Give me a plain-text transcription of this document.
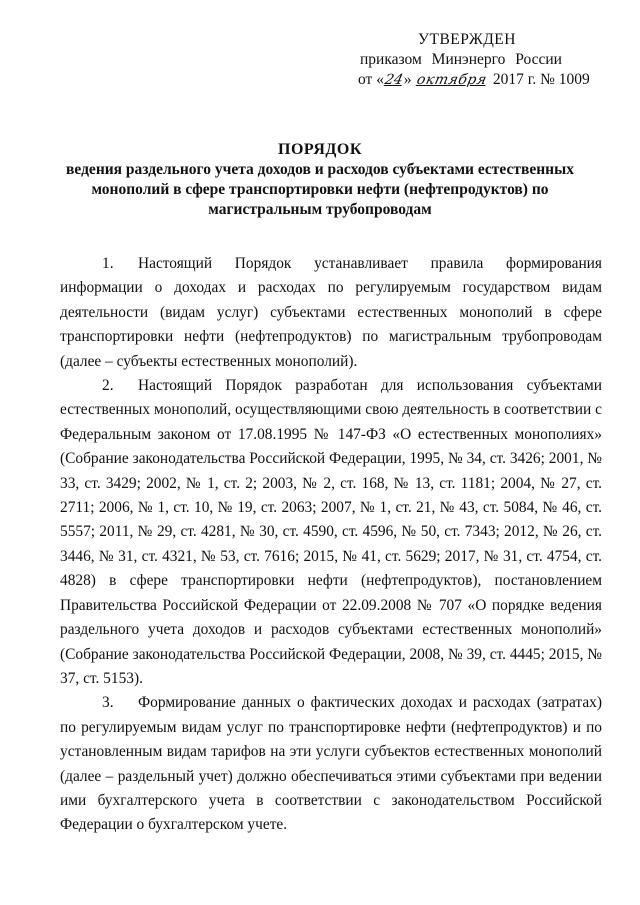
УТВЕРЖДЕН
приказом Минэнерго России
от «24» октября 2017 г. № 1009
ПОРЯДОК
ведения раздельного учета доходов и расходов субъектами естественных
монополий в сфере транспортировки нефти (нефтепродуктов) по
магистральным трубопроводам

1. Настоящий Порядок устанавливает правила формирования информации о доходах и расходах по регулируемым государством видам деятельности (видам услуг) субъектами естественных монополий в сфере транспортировки нефти (нефтепродуктов) по магистральным трубопроводам (далее – субъекты естественных монополий).

2. Настоящий Порядок разработан для использования субъектами естественных монополий, осуществляющими свою деятельность в соответствии с Федеральным законом от 17.08.1995 № 147-ФЗ «О естественных монополиях» (Собрание законодательства Российской Федерации, 1995, № 34, ст. 3426; 2001, № 33, ст. 3429; 2002, № 1, ст. 2; 2003, № 2, ст. 168, № 13, ст. 1181; 2004, № 27, ст. 2711; 2006, № 1, ст. 10, № 19, ст. 2063; 2007, № 1, ст. 21, № 43, ст. 5084, № 46, ст. 5557; 2011, № 29, ст. 4281, № 30, ст. 4590, ст. 4596, № 50, ст. 7343; 2012, № 26, ст. 3446, № 31, ст. 4321, № 53, ст. 7616; 2015, № 41, ст. 5629; 2017, № 31, ст. 4754, ст. 4828) в сфере транспортировки нефти (нефтепродуктов), постановлением Правительства Российской Федерации от 22.09.2008 № 707 «О порядке ведения раздельного учета доходов и расходов субъектами естественных монополий» (Собрание законодательства Российской Федерации, 2008, № 39, ст. 4445; 2015, № 37, ст. 5153).

3. Формирование данных о фактических доходах и расходах (затратах) по регулируемым видам услуг по транспортировке нефти (нефтепродуктов) и по установленным видам тарифов на эти услуги субъектов естественных монополий (далее – раздельный учет) должно обеспечиваться этими субъектами при ведении ими бухгалтерского учета в соответствии с законодательством Российской Федерации о бухгалтерском учете.
